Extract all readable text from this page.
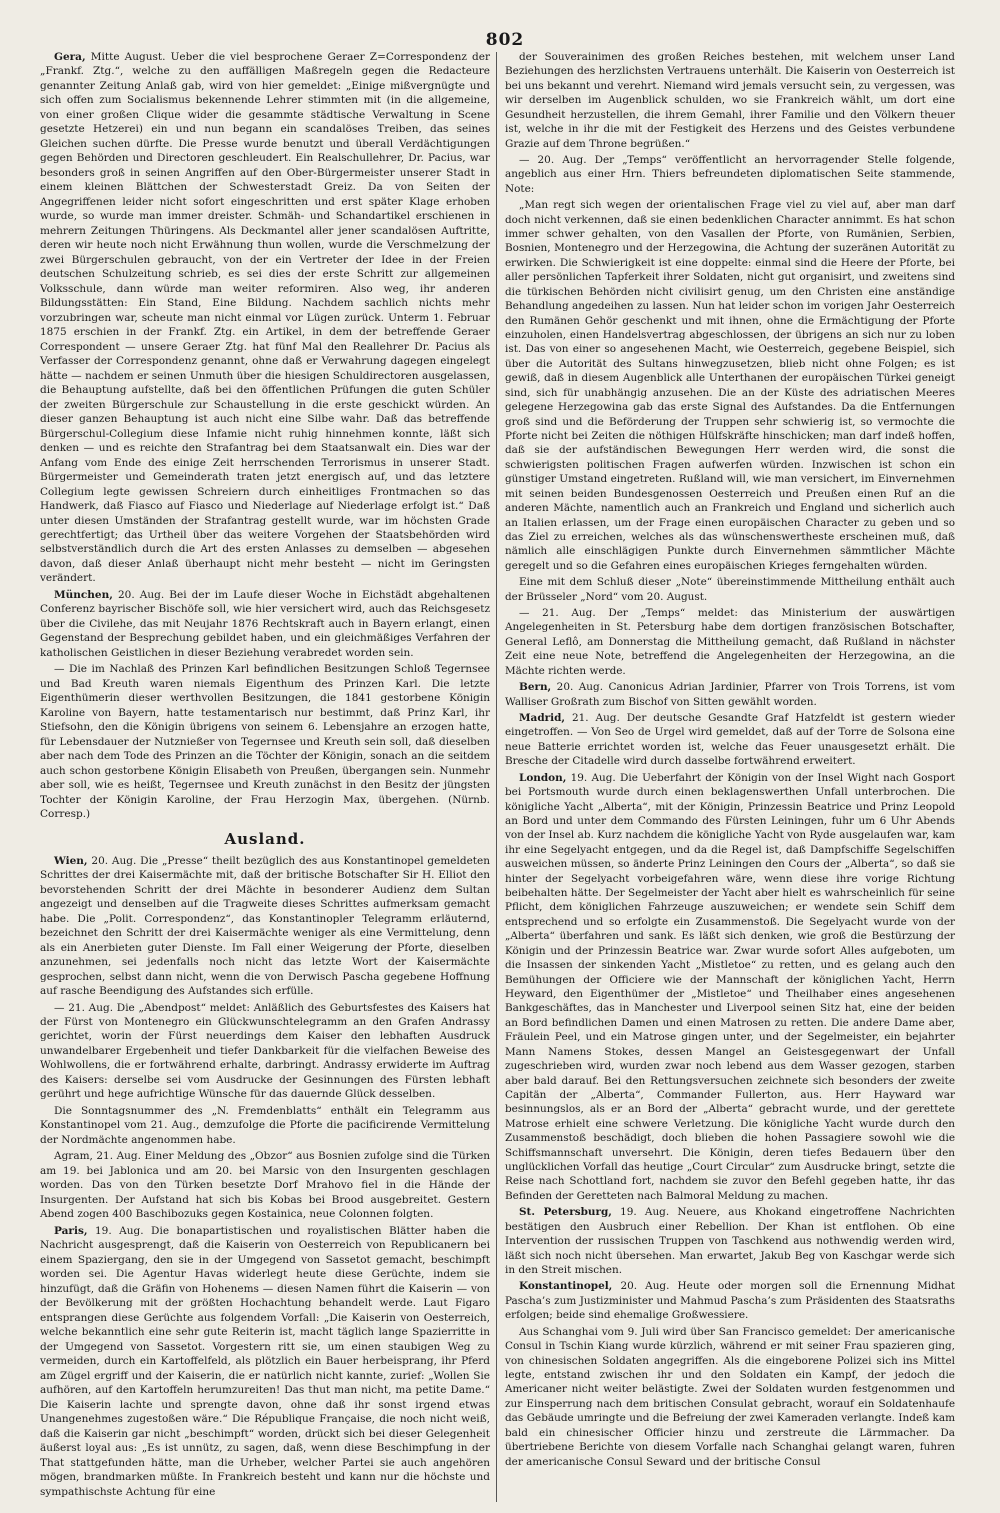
802

Gera, Mitte August. Ueber die viel besprochene Geraer Z=Correspondenz der „Frankf. Ztg.“, welche zu den auffälligen Maßregeln gegen die Redacteure genannter Zeitung Anlaß gab, wird von hier gemeldet: „Einige mißvergnügte und sich offen zum Socialismus bekennende Lehrer stimmten mit (in die allgemeine, von einer großen Clique wider die gesammte städtische Verwaltung in Scene gesetzte Hetzerei) ein und nun begann ein scandalöses Treiben, das seines Gleichen suchen dürfte. Die Presse wurde benutzt und überall Verdächtigungen gegen Behörden und Directoren geschleudert. Ein Realschullehrer, Dr. Pacius, war besonders groß in seinen Angriffen auf den Ober-Bürgermeister unserer Stadt in einem kleinen Blättchen der Schwesterstadt Greiz. Da von Seiten der Angegriffenen leider nicht sofort eingeschritten und erst später Klage erhoben wurde, so wurde man immer dreister. Schmäh- und Schandartikel erschienen in mehrern Zeitungen Thüringens. Als Deckmantel aller jener scandalösen Auftritte, deren wir heute noch nicht Erwähnung thun wollen, wurde die Verschmelzung der zwei Bürgerschulen gebraucht, von der ein Vertreter der Idee in der Freien deutschen Schulzeitung schrieb, es sei dies der erste Schritt zur allgemeinen Volksschule, dann würde man weiter reformiren. Also weg, ihr anderen Bildungsstätten: Ein Stand, Eine Bildung. Nachdem sachlich nichts mehr vorzubringen war, scheute man nicht einmal vor Lügen zurück. Unterm 1. Februar 1875 erschien in der Frankf. Ztg. ein Artikel, in dem der betreffende Geraer Correspondent — unsere Geraer Ztg. hat fünf Mal den Reallehrer Dr. Pacius als Verfasser der Correspondenz genannt, ohne daß er Verwahrung dagegen eingelegt hätte — nachdem er seinen Unmuth über die hiesigen Schuldirectoren ausgelassen, die Behauptung aufstellte, daß bei den öffentlichen Prüfungen die guten Schüler der zweiten Bürgerschule zur Schaustellung in die erste geschickt würden. An dieser ganzen Behauptung ist auch nicht eine Silbe wahr. Daß das betreffende Bürgerschul-Collegium diese Infamie nicht ruhig hinnehmen konnte, läßt sich denken — und es reichte den Strafantrag bei dem Staatsanwalt ein. Dies war der Anfang vom Ende des einige Zeit herrschenden Terrorismus in unserer Stadt. Bürgermeister und Gemeinderath traten jetzt energisch auf, und das letztere Collegium legte gewissen Schreiern durch einheitliges Frontmachen so das Handwerk, daß Fiasco auf Fiasco und Niederlage auf Niederlage erfolgt ist.“ Daß unter diesen Umständen der Strafantrag gestellt wurde, war im höchsten Grade gerechtfertigt; das Urtheil über das weitere Vorgehen der Staatsbehörden wird selbstverständlich durch die Art des ersten Anlasses zu demselben — abgesehen davon, daß dieser Anlaß überhaupt nicht mehr besteht — nicht im Geringsten verändert.

München, 20. Aug. Bei der im Laufe dieser Woche in Eichstädt abgehaltenen Conferenz bayrischer Bischöfe soll, wie hier versichert wird, auch das Reichsgesetz über die Civilehe, das mit Neujahr 1876 Rechtskraft auch in Bayern erlangt, einen Gegenstand der Besprechung gebildet haben, und ein gleichmäßiges Verfahren der katholischen Geistlichen in dieser Beziehung verabredet worden sein.

— Die im Nachlaß des Prinzen Karl befindlichen Besitzungen Schloß Tegernsee und Bad Kreuth waren niemals Eigenthum des Prinzen Karl. Die letzte Eigenthümerin dieser werthvollen Besitzungen, die 1841 gestorbene Königin Karoline von Bayern, hatte testamentarisch nur bestimmt, daß Prinz Karl, ihr Stiefsohn, den die Königin übrigens von seinem 6. Lebensjahre an erzogen hatte, für Lebensdauer der Nutznießer von Tegernsee und Kreuth sein soll, daß dieselben aber nach dem Tode des Prinzen an die Töchter der Königin, sonach an die seitdem auch schon gestorbene Königin Elisabeth von Preußen, übergangen sein. Nunmehr aber soll, wie es heißt, Tegernsee und Kreuth zunächst in den Besitz der jüngsten Tochter der Königin Karoline, der Frau Herzogin Max, übergehen. (Nürnb. Corresp.)

Ausland.

Wien, 20. Aug. Die „Presse“ theilt bezüglich des aus Konstantinopel gemeldeten Schrittes der drei Kaisermächte mit, daß der britische Botschafter Sir H. Elliot den bevorstehenden Schritt der drei Mächte in besonderer Audienz dem Sultan angezeigt und denselben auf die Tragweite dieses Schrittes aufmerksam gemacht habe. Die „Polit. Correspondenz“, das Konstantinopler Telegramm erläuternd, bezeichnet den Schritt der drei Kaisermächte weniger als eine Vermittelung, denn als ein Anerbieten guter Dienste. Im Fall einer Weigerung der Pforte, dieselben anzunehmen, sei jedenfalls noch nicht das letzte Wort der Kaisermächte gesprochen, selbst dann nicht, wenn die von Derwisch Pascha gegebene Hoffnung auf rasche Beendigung des Aufstandes sich erfülle.

— 21. Aug. Die „Abendpost“ meldet: Anläßlich des Geburtsfestes des Kaisers hat der Fürst von Montenegro ein Glückwunschtelegramm an den Grafen Andrassy gerichtet, worin der Fürst neuerdings dem Kaiser den lebhaften Ausdruck unwandelbarer Ergebenheit und tiefer Dankbarkeit für die vielfachen Beweise des Wohlwollens, die er fortwährend erhalte, darbringt. Andrassy erwiderte im Auftrag des Kaisers: derselbe sei vom Ausdrucke der Gesinnungen des Fürsten lebhaft gerührt und hege aufrichtige Wünsche für das dauernde Glück desselben.

Die Sonntagsnummer des „N. Fremdenblatts“ enthält ein Telegramm aus Konstantinopel vom 21. Aug., demzufolge die Pforte die pacificirende Vermittelung der Nordmächte angenommen habe.

Agram, 21. Aug. Einer Meldung des „Obzor“ aus Bosnien zufolge sind die Türken am 19. bei Jablonica und am 20. bei Marsic von den Insurgenten geschlagen worden. Das von den Türken besetzte Dorf Mrahovo fiel in die Hände der Insurgenten. Der Aufstand hat sich bis Kobas bei Brood ausgebreitet. Gestern Abend zogen 400 Baschibozuks gegen Kostainica, neue Colonnen folgten.

Paris, 19. Aug. Die bonapartistischen und royalistischen Blätter haben die Nachricht ausgesprengt, daß die Kaiserin von Oesterreich von Republicanern bei einem Spaziergang, den sie in der Umgegend von Sassetot gemacht, beschimpft worden sei. Die Agentur Havas widerlegt heute diese Gerüchte, indem sie hinzufügt, daß die Gräfin von Hohenems — diesen Namen führt die Kaiserin — von der Bevölkerung mit der größten Hochachtung behandelt werde. Laut Figaro entsprangen diese Gerüchte aus folgendem Vorfall: „Die Kaiserin von Oesterreich, welche bekanntlich eine sehr gute Reiterin ist, macht täglich lange Spazierritte in der Umgegend von Sassetot. Vorgestern ritt sie, um einen staubigen Weg zu vermeiden, durch ein Kartoffelfeld, als plötzlich ein Bauer herbeisprang, ihr Pferd am Zügel ergriff und der Kaiserin, die er natürlich nicht kannte, zurief: „Wollen Sie aufhören, auf den Kartoffeln herumzureiten! Das thut man nicht, ma petite Dame.“ Die Kaiserin lachte und sprengte davon, ohne daß ihr sonst irgend etwas Unangenehmes zugestoßen wäre.“ Die République Française, die noch nicht weiß, daß die Kaiserin gar nicht „beschimpft“ worden, drückt sich bei dieser Gelegenheit äußerst loyal aus: „Es ist unnütz, zu sagen, daß, wenn diese Beschimpfung in der That stattgefunden hätte, man die Urheber, welcher Partei sie auch angehören mögen, brandmarken müßte. In Frankreich besteht und kann nur die höchste und sympathischste Achtung für eine

der Souverainimen des großen Reiches bestehen, mit welchem unser Land Beziehungen des herzlichsten Vertrauens unterhält. Die Kaiserin von Oesterreich ist bei uns bekannt und verehrt. Niemand wird jemals versucht sein, zu vergessen, was wir derselben im Augenblick schulden, wo sie Frankreich wählt, um dort eine Gesundheit herzustellen, die ihrem Gemahl, ihrer Familie und den Völkern theuer ist, welche in ihr die mit der Festigkeit des Herzens und des Geistes verbundene Grazie auf dem Throne begrüßen.“

— 20. Aug. Der „Temps“ veröffentlicht an hervorragender Stelle folgende, angeblich aus einer Hrn. Thiers befreundeten diplomatischen Seite stammende, Note:

„Man regt sich wegen der orientalischen Frage viel zu viel auf, aber man darf doch nicht verkennen, daß sie einen bedenklichen Character annimmt. Es hat schon immer schwer gehalten, von den Vasallen der Pforte, von Rumänien, Serbien, Bosnien, Montenegro und der Herzegowina, die Achtung der suzeränen Autorität zu erwirken. Die Schwierigkeit ist eine doppelte: einmal sind die Heere der Pforte, bei aller persönlichen Tapferkeit ihrer Soldaten, nicht gut organisirt, und zweitens sind die türkischen Behörden nicht civilisirt genug, um den Christen eine anständige Behandlung angedeihen zu lassen. Nun hat leider schon im vorigen Jahr Oesterreich den Rumänen Gehör geschenkt und mit ihnen, ohne die Ermächtigung der Pforte einzuholen, einen Handelsvertrag abgeschlossen, der übrigens an sich nur zu loben ist. Das von einer so angesehenen Macht, wie Oesterreich, gegebene Beispiel, sich über die Autorität des Sultans hinwegzusetzen, blieb nicht ohne Folgen; es ist gewiß, daß in diesem Augenblick alle Unterthanen der europäischen Türkei geneigt sind, sich für unabhängig anzusehen. Die an der Küste des adriatischen Meeres gelegene Herzegowina gab das erste Signal des Aufstandes. Da die Entfernungen groß sind und die Beförderung der Truppen sehr schwierig ist, so vermochte die Pforte nicht bei Zeiten die nöthigen Hülfskräfte hinschicken; man darf indeß hoffen, daß sie der aufständischen Bewegungen Herr werden wird, die sonst die schwierigsten politischen Fragen aufwerfen würden. Inzwischen ist schon ein günstiger Umstand eingetreten. Rußland will, wie man versichert, im Einvernehmen mit seinen beiden Bundesgenossen Oesterreich und Preußen einen Ruf an die anderen Mächte, namentlich auch an Frankreich und England und sicherlich auch an Italien erlassen, um der Frage einen europäischen Character zu geben und so das Ziel zu erreichen, welches als das wünschenswertheste erscheinen muß, daß nämlich alle einschlägigen Punkte durch Einvernehmen sämmtlicher Mächte geregelt und so die Gefahren eines europäischen Krieges ferngehalten würden.

Eine mit dem Schluß dieser „Note“ übereinstimmende Mittheilung enthält auch der Brüsseler „Nord“ vom 20. August.

— 21. Aug. Der „Temps“ meldet: das Ministerium der auswärtigen Angelegenheiten in St. Petersburg habe dem dortigen französischen Botschafter, General Leflô, am Donnerstag die Mittheilung gemacht, daß Rußland in nächster Zeit eine neue Note, betreffend die Angelegenheiten der Herzegowina, an die Mächte richten werde.

Bern, 20. Aug. Canonicus Adrian Jardinier, Pfarrer von Trois Torrens, ist vom Walliser Großrath zum Bischof von Sitten gewählt worden.

Madrid, 21. Aug. Der deutsche Gesandte Graf Hatzfeldt ist gestern wieder eingetroffen. — Von Seo de Urgel wird gemeldet, daß auf der Torre de Solsona eine neue Batterie errichtet worden ist, welche das Feuer unausgesetzt erhält. Die Bresche der Citadelle wird durch dasselbe fortwährend erweitert.

London, 19. Aug. Die Ueberfahrt der Königin von der Insel Wight nach Gosport bei Portsmouth wurde durch einen beklagenswerthen Unfall unterbrochen. Die königliche Yacht „Alberta“, mit der Königin, Prinzessin Beatrice und Prinz Leopold an Bord und unter dem Commando des Fürsten Leiningen, fuhr um 6 Uhr Abends von der Insel ab. Kurz nachdem die königliche Yacht von Ryde ausgelaufen war, kam ihr eine Segelyacht entgegen, und da die Regel ist, daß Dampfschiffe Segelschiffen ausweichen müssen, so änderte Prinz Leiningen den Cours der „Alberta“, so daß sie hinter der Segelyacht vorbeigefahren wäre, wenn diese ihre vorige Richtung beibehalten hätte. Der Segelmeister der Yacht aber hielt es wahrscheinlich für seine Pflicht, dem königlichen Fahrzeuge auszuweichen; er wendete sein Schiff dem entsprechend und so erfolgte ein Zusammenstoß. Die Segelyacht wurde von der „Alberta“ überfahren und sank. Es läßt sich denken, wie groß die Bestürzung der Königin und der Prinzessin Beatrice war. Zwar wurde sofort Alles aufgeboten, um die Insassen der sinkenden Yacht „Mistletoe“ zu retten, und es gelang auch den Bemühungen der Officiere wie der Mannschaft der königlichen Yacht, Herrn Heyward, den Eigenthümer der „Mistletoe“ und Theilhaber eines angesehenen Bankgeschäftes, das in Manchester und Liverpool seinen Sitz hat, eine der beiden an Bord befindlichen Damen und einen Matrosen zu retten. Die andere Dame aber, Fräulein Peel, und ein Matrose gingen unter, und der Segelmeister, ein bejahrter Mann Namens Stokes, dessen Mangel an Geistesgegenwart der Unfall zugeschrieben wird, wurden zwar noch lebend aus dem Wasser gezogen, starben aber bald darauf. Bei den Rettungsversuchen zeichnete sich besonders der zweite Capitän der „Alberta“, Commander Fullerton, aus. Herr Hayward war besinnungslos, als er an Bord der „Alberta“ gebracht wurde, und der gerettete Matrose erhielt eine schwere Verletzung. Die königliche Yacht wurde durch den Zusammenstoß beschädigt, doch blieben die hohen Passagiere sowohl wie die Schiffsmannschaft unversehrt. Die Königin, deren tiefes Bedauern über den unglücklichen Vorfall das heutige „Court Circular“ zum Ausdrucke bringt, setzte die Reise nach Schottland fort, nachdem sie zuvor den Befehl gegeben hatte, ihr das Befinden der Geretteten nach Balmoral Meldung zu machen.

St. Petersburg, 19. Aug. Neuere, aus Khokand eingetroffene Nachrichten bestätigen den Ausbruch einer Rebellion. Der Khan ist entflohen. Ob eine Intervention der russischen Truppen von Taschkend aus nothwendig werden wird, läßt sich noch nicht übersehen. Man erwartet, Jakub Beg von Kaschgar werde sich in den Streit mischen.

Konstantinopel, 20. Aug. Heute oder morgen soll die Ernennung Midhat Pascha’s zum Justizminister und Mahmud Pascha’s zum Präsidenten des Staatsraths erfolgen; beide sind ehemalige Großwessiere.

Aus Schanghai vom 9. Juli wird über San Francisco gemeldet: Der americanische Consul in Tschin Kiang wurde kürzlich, während er mit seiner Frau spazieren ging, von chinesischen Soldaten angegriffen. Als die eingeborene Polizei sich ins Mittel legte, entstand zwischen ihr und den Soldaten ein Kampf, der jedoch die Americaner nicht weiter belästigte. Zwei der Soldaten wurden festgenommen und zur Einsperrung nach dem britischen Consulat gebracht, worauf ein Soldatenhaufe das Gebäude umringte und die Befreiung der zwei Kameraden verlangte. Indeß kam bald ein chinesischer Officier hinzu und zerstreute die Lärmmacher. Da übertriebene Berichte von diesem Vorfalle nach Schanghai gelangt waren, fuhren der americanische Consul Seward und der britische Consul
